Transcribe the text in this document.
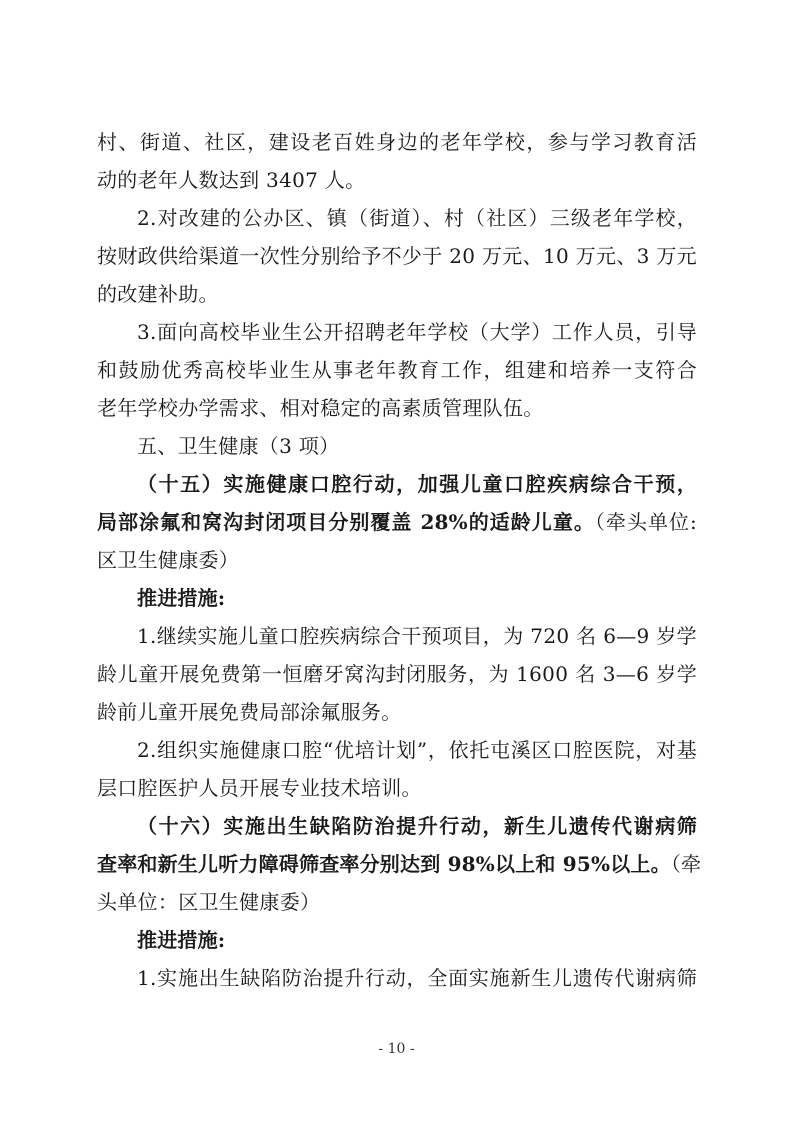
村、街道、社区，建设老百姓身边的老年学校，参与学习教育活
动的老年人数达到 3407 人。
2.对改建的公办区、镇（街道）、村（社区）三级老年学校，
按财政供给渠道一次性分别给予不少于 20 万元、10 万元、3 万元
的改建补助。
3.面向高校毕业生公开招聘老年学校（大学）工作人员，引导
和鼓励优秀高校毕业生从事老年教育工作，组建和培养一支符合
老年学校办学需求、相对稳定的高素质管理队伍。
五、卫生健康（3 项）
（十五）实施健康口腔行动，加强儿童口腔疾病综合干预，
局部涂氟和窝沟封闭项目分别覆盖 28%的适龄儿童。（牵头单位:
区卫生健康委）
推进措施:
1.继续实施儿童口腔疾病综合干预项目，为 720 名 6—9 岁学
龄儿童开展免费第一恒磨牙窝沟封闭服务，为 1600 名 3—6 岁学
龄前儿童开展免费局部涂氟服务。
2.组织实施健康口腔“优培计划”，依托屯溪区口腔医院，对基
层口腔医护人员开展专业技术培训。
（十六）实施出生缺陷防治提升行动，新生儿遗传代谢病筛
查率和新生儿听力障碍筛查率分别达到 98%以上和 95%以上。（牵
头单位：区卫生健康委）
推进措施:
1.实施出生缺陷防治提升行动，全面实施新生儿遗传代谢病筛
- 10 -
